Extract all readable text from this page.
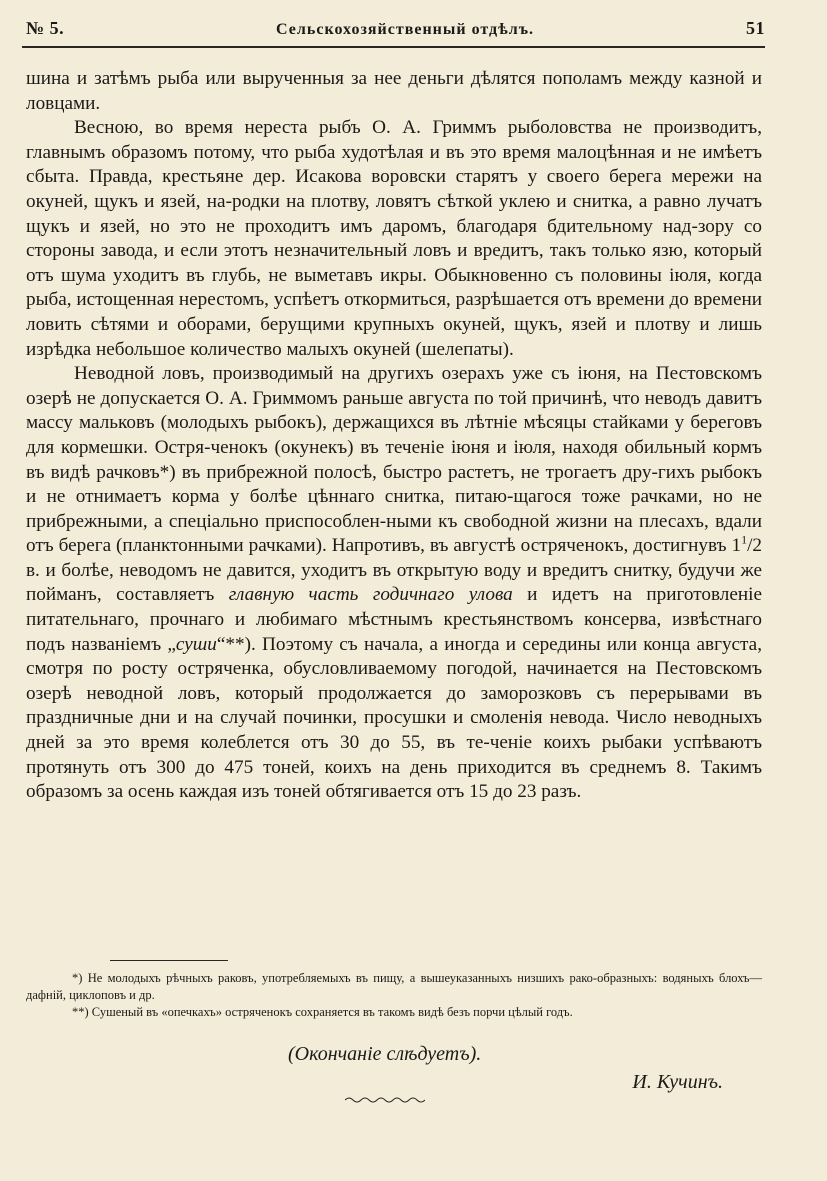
№ 5.	Сельскохозяйственный отдѣлъ.	51

шина и затѣмъ рыба или вырученныя за нее деньги дѣлятся пополамъ между казной и ловцами.

Весною, во время нереста рыбъ О. А. Гриммъ рыболовства не производитъ, главнымъ образомъ потому, что рыба худотѣлая и въ это время малоцѣнная и не имѣетъ сбыта. Правда, крестьяне дер. Исакова воровски старятъ у своего берега мережи на окуней, щукъ и язей, нa-родки на плотву, ловятъ сѣткой уклею и снитка, а равно лучатъ щукъ и язей, но это не проходитъ имъ даромъ, благодаря бдительному над-зору со стороны завода, и если этотъ незначительный ловъ и вредитъ, такъ только язю, который отъ шума уходитъ въ глубь, не выметавъ икры. Обыкновенно съ половины іюля, когда рыба, истощенная нерестомъ, успѣетъ откормиться, разрѣшается отъ времени до времени ловить сѣтями и оборами, берущими крупныхъ окуней, щукъ, язей и плотву и лишь изрѣдка небольшое количество малыхъ окуней (шелепаты).

Неводной ловъ, производимый на другихъ озерахъ уже съ іюня, на Пестовскомъ озерѣ не допускается О. А. Гриммомъ раньше августа по той причинѣ, что неводъ давитъ массу мальковъ (молодыхъ рыбокъ), держащихся въ лѣтніе мѣсяцы стайками у береговъ для кормешки. Остря-ченокъ (окунекъ) въ теченіе іюня и іюля, находя обильный кормъ въ видѣ рачковъ*) въ прибрежной полосѣ, быстро растетъ, не трогаетъ дру-гихъ рыбокъ и не отнимаетъ корма у болѣе цѣннаго снитка, питаю-щагося тоже рачками, но не прибрежными, а спеціально приспособлен-ными къ свободной жизни на плесахъ, вдали отъ берега (планктонными рачками). Напротивъ, въ августѣ остряченокъ, достигнувъ $1^1/2$ в. и болѣе, неводомъ не давится, уходитъ въ открытую воду и вредитъ снитку, будучи же пойманъ, составляетъ главную часть годичнаго улова и идетъ на приготовленіе питательнаго, прочнаго и любимаго мѣстнымъ крестьянствомъ консерва, извѣстнаго подъ названіемъ „суши“**). Поэтому съ начала, а иногда и середины или конца августа, смотря по росту остряченка, обусловливаемому погодой, начинается на Пестовскомъ озерѣ неводной ловъ, который продолжается до заморозковъ съ перерывами въ праздничные дни и на случай починки, просушки и смоленія невода. Число неводныхъ дней за это время колеблется отъ 30 до 55, въ те-ченіе коихъ рыбаки успѣваютъ протянуть отъ 300 до 475 тоней, коихъ на день приходится въ среднемъ 8. Такимъ образомъ за осень каждая изъ тоней обтягивается отъ 15 до 23 разъ.

*) Не молодыхъ рѣчныхъ раковъ, употребляемыхъ въ пищу, а вышеуказанныхъ низшихъ рако-образныхъ: водяныхъ блохъ—дафній, циклоповъ и др.

**) Сушеный въ «опечкахъ» остряченокъ сохраняется въ такомъ видѣ безъ порчи цѣлый годъ.

(Окончаніе слѣдуетъ).
И. Кучинъ.
